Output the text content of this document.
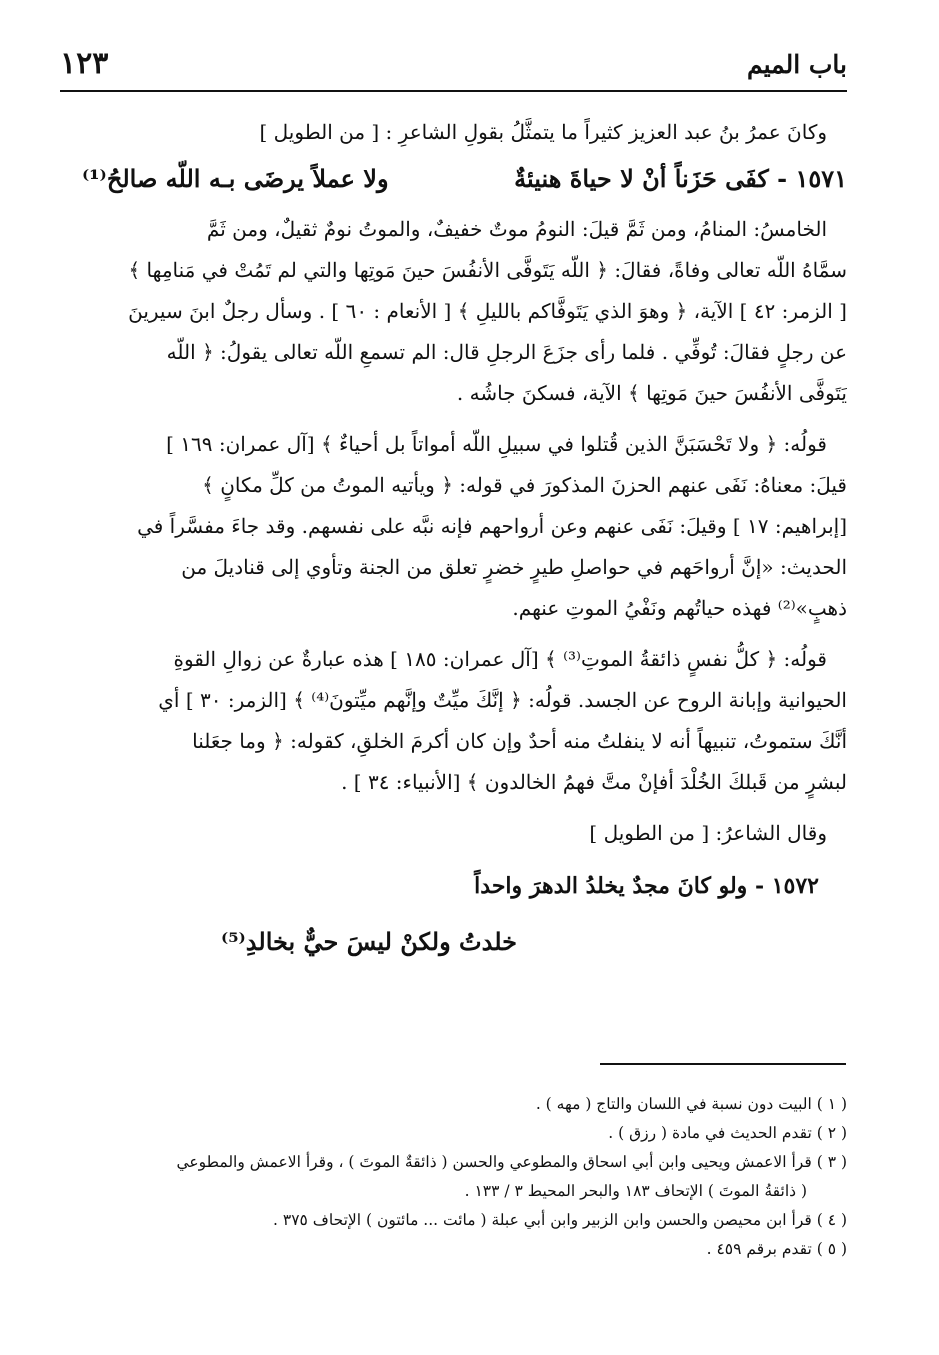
باب الميم
١٢٣
وكانَ عمرُ بنُ عبد العزيز كثيراً ما يتمثَّلُ بقولِ الشاعرِ : [ من الطويل ]
١٥٧١ - كفَى حَزَناً أنْ لا حياةَ هنيئةٌ
ولا عملاً يرضَى بـه اللّه صالحُ⁽¹⁾
الخامسُ: المنامُ، ومن ثَمَّ قيلَ: النومُ موتٌ خفيفٌ، والموتُ نومٌ ثقيلٌ، ومن ثَمَّ
سمَّاهُ اللّه تعالى وفاةً، فقالَ: ﴿ اللّه يَتَوفَّى الأنفُسَ حينَ مَوتِها والتي لم تَمُتْ في مَنامِها ﴾
[ الزمر: ٤٢ ] الآية، ﴿ وهوَ الذي يَتَوفَّاكم بالليلِ ﴾ [ الأنعام : ٦٠ ] . وسأل رجلٌ ابنَ سيرينَ
عن رجلٍ فقالَ: تُوفِّي . فلما رأى جزَعَ الرجلِ قال: الم تسمعِ اللّه تعالى يقولُ: ﴿ اللّه
يَتَوفَّى الأنفُسَ حينَ مَوتِها ﴾ الآية، فسكنَ جاشُه .
قولُه: ﴿ ولا تَحْسَبَنَّ الذين قُتلوا في سبيلِ اللّه أمواتاً بل أحياءٌ ﴾ [آل عمران: ١٦٩ ]
قيلَ: معناهُ: نَفَى عنهم الحزنَ المذكورَ في قوله: ﴿ ويأتيه الموتُ من كلِّ مكانٍ ﴾
[إبراهيم: ١٧ ] وقيلَ: نَفَى عنهم وعن أرواحهم فإنه نبَّه على نفسهم. وقد جاءَ مفسَّراً في
الحديث: «إنَّ أرواحَهم في حواصلِ طيرٍ خضرٍ تعلق من الجنة وتأوي إلى قناديلَ من
ذهبٍ»⁽²⁾ فهذه حياتُهم ونَفْيُ الموتِ عنهم.
قولُه: ﴿ كلُّ نفسٍ ذائقةُ الموتِ⁽³⁾ ﴾ [آل عمران: ١٨٥ ] هذه عبارةٌ عن زوالِ القوةِ
الحيوانية وإبانة الروح عن الجسد. قولُه: ﴿ إنَّكَ ميِّتٌ وإنَّهم ميِّتونَ⁽⁴⁾ ﴾ [الزمر: ٣٠ ] أي
أنَّكَ ستموتُ، تنبيهاً أنه لا ينفلتُ منه أحدٌ وإن كان أكرمَ الخلقِ، كقوله: ﴿ وما جعَلنا
لبشرٍ من قَبلكَ الخُلْدَ أفإنْ متَّ فهمُ الخالدون ﴾ [الأنبياء: ٣٤ ] .
وقال الشاعرُ: [ من الطويل ]
١٥٧٢ - ولو كانَ مجدٌ يخلدُ الدهرَ واحداً
خلدتُ ولكنْ ليسَ حيٌّ بخالدِ⁽⁵⁾
( ١ ) البيت دون نسبة في اللسان والتاج ( مهه ) .
( ٢ ) تقدم الحديث في مادة ( رزق ) .
( ٣ ) قرأ الاعمش ويحيى وابن أبي اسحاق والمطوعي والحسن ( ذائقةٌ الموتَ ) ، وقرأ الاعمش والمطوعي
( ذائقةُ الموتَ ) الإتحاف ١٨٣ والبحر المحيط ٣ / ١٣٣ .
( ٤ ) قرأ ابن محيصن والحسن وابن الزبير وابن أبي عبلة ( مائت ... مائتون ) الإتحاف ٣٧٥ .
( ٥ ) تقدم برقم ٤٥٩ .
